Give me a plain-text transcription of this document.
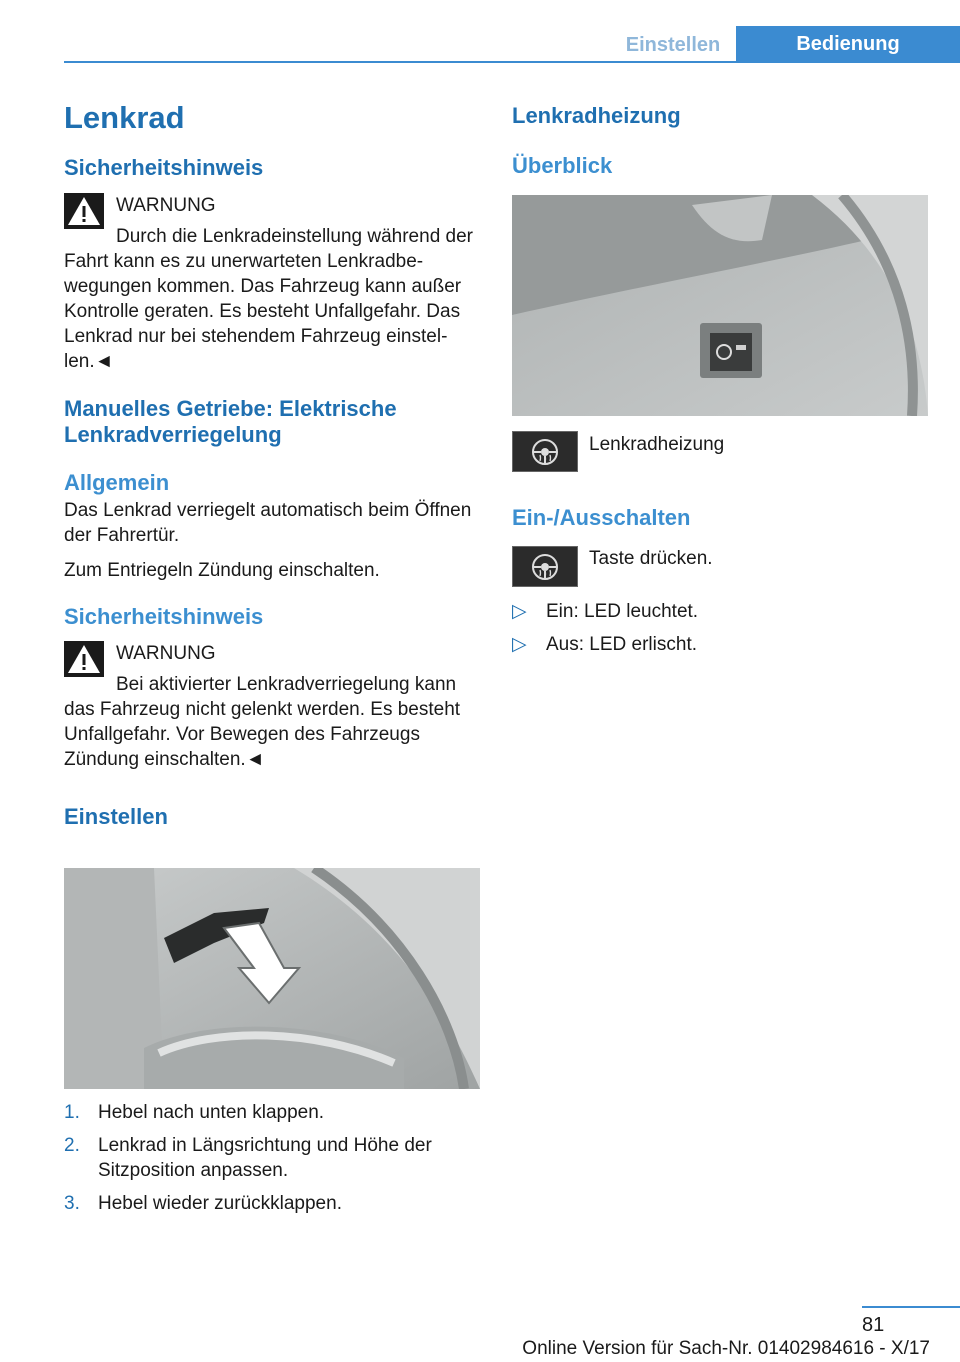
Einstellen	Bedienung
Lenkrad
Sicherheitshinweis
WARNUNG

Durch die Lenkradeinstellung während der Fahrt kann es zu unerwarteten Lenkradbewegungen kommen. Das Fahrzeug kann außer Kontrolle geraten. Es besteht Unfallgefahr. Das Lenkrad nur bei stehendem Fahrzeug einstellen.◄

Manuelles Getriebe: Elektrische Lenkradverriegelung
Allgemein

Das Lenkrad verriegelt automatisch beim Öffnen der Fahrertür.

Zum Entriegeln Zündung einschalten.

Sicherheitshinweis
WARNUNG

Bei aktivierter Lenkradverriegelung kann das Fahrzeug nicht gelenkt werden. Es besteht Unfallgefahr. Vor Bewegen des Fahrzeugs Zündung einschalten.◄

Einstellen
1. Hebel nach unten klappen.
2. Lenkrad in Längsrichtung und Höhe der Sitzposition anpassen.
3. Hebel wieder zurückklappen.
Lenkradheizung
Überblick
Lenkradheizung
Ein-/Ausschalten
Taste drücken.
▷	Ein: LED leuchtet.
▷	Aus: LED erlischt.
81
Online Version für Sach-Nr. 01402984616 - X/17
